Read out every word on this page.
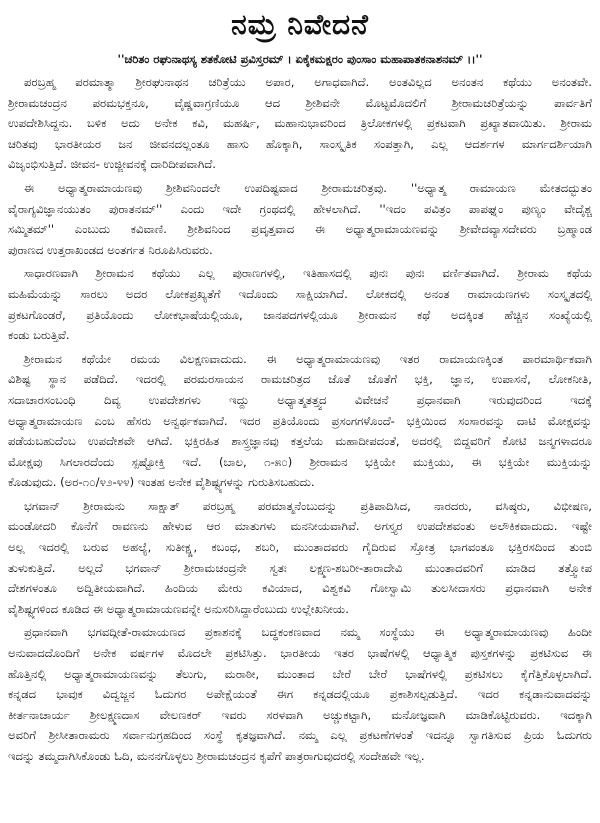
ನಮ್ರ ನಿವೇದನೆ
''ಚರಿತಂ ರಘುನಾಥಸ್ಯ ಶತಕೋಟಿ ಪ್ರವಿಸ್ತರಮ್ । ಏಕೈಕಮಕ್ಷರಂ ಪುಂಸಾಂ ಮಹಾಪಾತಕನಾಶನಮ್ ।।''
ಪರಬ್ರಹ್ಮ ಪರಮಾತ್ಮಾ ಶ್ರೀರಘುನಾಥನ ಚರಿತ್ರೆಯು ಅಪಾರ, ಅಗಾಧವಾಗಿದೆ. ಅಂತವಿಲ್ಲದ ಅನಂತನ ಕಥೆಯು ಅನಂತವೇ.
ಶ್ರೀರಾಮಚಂದ್ರನ ಪರಮಭಕ್ತನೂ, ವೈಷ್ಣವಾಗ್ರಣಿಯೂ ಆದ ಶ್ರೀಶಿವನೇ ಮೊಟ್ಟಮೊದಲಿಗೆ ಶ್ರೀರಾಮಚರಿತ್ರೆಯನ್ನು ಪಾರ್ವತಿಗೆ
ಉಪದೇಶಿಸಿದ್ದನು. ಬಳಿಕ ಅದು ಅನೇಕ ಕವಿ, ಮಹರ್ಷಿ, ಮಹಾನುಭಾವರಿಂದ ತ್ರಿಲೋಕಗಳಲ್ಲಿ ಪ್ರಕಟವಾಗಿ ಪ್ರಖ್ಯಾತವಾಯಿತು. ಶ್ರೀರಾಮ
ಚರಿತವು ಭಾರತೀಯರ ಜನ ಜೀವನದಲ್ಲಂತೂ ಹಾಸು ಹೊಕ್ಕಾಗಿ, ಸಾಂಸ್ಕೃತಿಕ ಸಂಪತ್ತಾಗಿ, ಎಲ್ಲ ಆದರ್ಶಗಳ ಮಾರ್ಗದರ್ಶಿಯಾಗಿ
ವಿಜೃಂಭಿಸುತ್ತಿದೆ. ಜೀವನ- ಉಜ್ಜೀವನಕ್ಕೆ ದಾರಿದೀಪವಾಗಿದೆ.
ಈ ಅಧ್ಯಾತ್ಮರಾಮಾಯಣವು ಶ್ರೀಶಿವನಿಂದಲೇ ಉಪದಿಷ್ಟವಾದ ಶ್ರೀರಾಮಚರಿತ್ರವು. ''ಅಧ್ಯಾತ್ಮ ರಾಮಾಯಣ ಮೇತದದ್ಭುತಂ
ವೈರಾಗ್ಯವಿಜ್ಞಾನಯುತಂ ಪುರಾತನಮ್'' ಎಂದು ಇದೇ ಗ್ರಂಥದಲ್ಲಿ ಹೇಳಲಾಗಿದೆ. ''ಇದಂ ಪವಿತ್ರಂ ಪಾಪಘ್ನಂ ಪುಣ್ಯಂ ವೇದೈಶ್ಚ
ಸಮ್ಮಿತಮ್'' ಎಂಬುದು ಕವಿವಾಣಿ. ಶ್ರೀಶಿವನಿಂದ ಪ್ರವೃತ್ತವಾದ ಈ ಅಧ್ಯಾತ್ಮರಾಮಾಯಣವನ್ನು ಶ್ರೀವೇದವ್ಯಾಸದೇವರು ಬ್ರಹ್ಮಾಂಡ
ಪುರಾಣದ ಉತ್ತರಾಖಂಡದ ಅಂತರ್ಗತ ನಿರೂಪಿಸಿರುವರು.
ಸಾಧಾರಣವಾಗಿ ಶ್ರೀರಾಮನ ಕಥೆಯು ಎಲ್ಲ ಪುರಾಣಗಳಲ್ಲಿ, ಇತಿಹಾಸದಲ್ಲಿ ಪುನಃ ಪುನಃ ವರ್ಣಿತವಾಗಿದೆ. ಶ್ರೀರಾಮ ಕಥೆಯ
ಮಹಿಮೆಯನ್ನು ಸಾರಲು ಅದರ ಲೋಕಪ್ರಖ್ಯತೆಗೆ ಇದೊಂದು ಸಾಕ್ಷಿಯಾಗಿದೆ. ಲೋಕದಲ್ಲಿ ಅನಂತ ರಾಮಾಯಣಗಳು ಸಂಸ್ಕೃತದಲ್ಲಿ
ಪ್ರಕಟಗೊಂಡರೆ, ಪ್ರತಿಯೊಂದು ಲೋಕಭಾಷೆಯಲ್ಲಿಯೂ, ಜಾನಪದಗಳಲ್ಲಿಯೂ ಶ್ರೀರಾಮನ ಕಥೆ ಅದಕ್ಕಿಂತ ಹೆಚ್ಚಿನ ಸಂಖ್ಯೆಯಲ್ಲಿ
ಕಂಡು ಬರುತ್ತಿವೆ.
ಶ್ರೀರಾಮನ ಕಥೆಯೇ ರಮಯ ವಿಲಕ್ಷಣವಾದುದು. ಈ ಅಧ್ಯಾತ್ಮರಾಮಾಯಣವು ಇತರ ರಾಮಾಯಣಕ್ಕಿಂತ ಪಾರಮಾರ್ಥಿಕವಾಗಿ
ವಿಶಿಷ್ಟ ಸ್ಥಾನ ಪಡೆದಿದೆ. ಇದರಲ್ಲಿ ಪರಮರಸಾಯನ ರಾಮಚರಿತ್ರದ ಜೊತೆ ಜೊತೆಗೆ ಭಕ್ತಿ, ಜ್ಞಾನ, ಉಪಾಸನೆ, ಲೋಕನೀತಿ,
ಸದಾಚಾರಸಂಬಂಧಿ ದಿವ್ಯ ಉಪದೇಶಗಳು ಇದ್ದು ಅಧ್ಯಾತ್ಮತತ್ತ್ವದ ವಿವೇಚನೆ ಪ್ರಧಾನವಾಗಿ ಇರುವುದರಿಂದ ಇದಕ್ಕೆ
ಅಧ್ಯಾತ್ಮರಾಮಾಯಣ ಎಂಬ ಹೆಸರು ಅನ್ವರ್ಥಕವಾಗಿದೆ. ಇದರ ಪ್ರತಿಯೊಂದು ಪ್ರಸಂಗಗಳೊಂದೆ- ಭಕ್ತಿಯಿಂದ ಸಂಸಾರವನ್ನು ದಾಟಿ ಮೋಕ್ಷವನ್ನು
ಪಡೆಯಬಹುದೆಂಬ ಉಪದೇಶವೇ ಆಗಿದೆ. ಭಕ್ತಿರಹಿತ ಶಾಸ್ತ್ರಜ್ಞಾನವು ಕತ್ತಲೆಯ ಮಹಾದೀಪದಂತೆ, ಅದರಲ್ಲಿ ಬಿದ್ದವರಿಗೆ ಕೋಟಿ ಜನ್ಮಗಳಾದರೂ
ಮೋಕ್ಷವು ಸಿಗಲಾರದೆಂದು ಸ್ಪಷ್ಟೋಕ್ತಿ ಇದೆ. (ಬಾಲ, ೧-೫೦) ಶ್ರೀರಾಮನ ಭಕ್ತಿಯೇ ಮುಕ್ತಿಯು, ಈ ಭಕ್ತಿಯೇ ಮುಕ್ತಿಯನ್ನು
ಕೊಡುವುದು. (ಅರ-೧೦/೪೨-೪೪) ಇಂತಹ ಅನೇಕ ವೈಶಿಷ್ಟ್ಯಗಳನ್ನು ಗುರುತಿಸಬಹುದು.
ಭಗವಾನ್ ಶ್ರೀರಾಮನು ಸಾಕ್ಷಾತ್ ಪರಬ್ರಹ್ಮ ಪರಮಾತ್ಮನೆಂಬುದನ್ನು ಪ್ರತಿಪಾದಿಸಿದ, ನಾರದರು, ವಸಿಷ್ಠರು, ವಿಭೀಷಣ,
ಮಂಡೋದರಿ ಕೊನೆಗೆ ರಾವಣನು ಹೇಳುವ ಆರ ಮಾತುಗಳು ಮನನೀಯವಾಗಿವೆ. ಅಗಸ್ತ್ಯರ ಉಪದೇಶವಂತು ಅಲೌಕಿಕವಾದುದು. ಇಷ್ಟೇ
ಅಲ್ಲ ಇದರಲ್ಲಿ ಬರುವ ಅಹಲ್ಯೆ, ಸುತೀಕ್ಷ್ಣ, ಕಬಂಧ, ಶಬರಿ, ಮುಂತಾದವರು ಗೈದಿರುವ ಸ್ತೋತ್ರ ಭಾಗವಂತೂ ಭಕ್ತಿರಸದಿಂದ ತುಂಬಿ
ತುಳುಕುತ್ತಿದೆ. ಅಲ್ಲದೆ ಭಗವಾನ್ ಶ್ರೀರಾಮಚಂದ್ರನೇ ಸ್ವತಃ ಲಕ್ಷ್ಮಣ-ಶಬರೀ-ತಾರಾದೇವಿ ಮುಂತಾದವರಿಗೆ ಮಾಡಿದ ತತ್ತ್ವೋಪ
ದೇಶಗಳಂತೂ ಅದ್ವಿತೀಯವಾಗಿದೆ. ಹಿಂದಿಯ ಮೇರು ಕವಿಯಾದ, ವಿಶ್ವಕವಿ ಗೋಸ್ವಾಮಿ ತುಲಸೀದಾಸರು ಪ್ರಧಾನವಾಗಿ ಅನೇಕ
ವೈಶಿಷ್ಟ್ಯಗಳಿಂದ ಕೂಡಿದ ಈ ಅಧ್ಯಾತ್ಮರಾಮಾಯಣವನ್ನೇ ಅನುಸರಿಸಿದ್ದಾರೆಂಬುದು ಉಲ್ಲೇಖನೀಯ.
ಪ್ರಧಾನವಾಗಿ ಭಗವದ್ಗೀತೆ-ರಾಮಾಯಣದ ಪ್ರಕಾಶನಕ್ಕೆ ಬದ್ಧಕಂಕಣವಾದ ನಮ್ಮ ಸಂಸ್ಥೆಯು ಈ ಅಧ್ಯಾತ್ಮರಾಮಾಯಣವು ಹಿಂದೀ
ಅನುವಾದದೊಂದಿಗೆ ಅನೇಕ ವರ್ಷಗಳ ಮೊದಲೇ ಪ್ರಕಟಿಸಿತ್ತು. ಭಾರತೀಯ ಇತರ ಭಾಷೆಗಳಲ್ಲಿ ಆಧ್ಯಾತ್ಮಿಕ ಪುಸ್ತಕಗಳನ್ನು ಪ್ರಕಟಿಸುವ ಈ
ಹೊತ್ತಿನಲ್ಲಿ ಅಧ್ಯಾತ್ಮರಾಮಾಯಣವನ್ನು ತೆಲುಗು, ಮರಾಠೀ, ಮುಂತಾದ ಬೇರೆ ಬೇರೆ ಭಾಷೆಗಳಲ್ಲಿ ಪ್ರಕಟಿಸಲು ಕೈಗೆತ್ತಿಕೊಳ್ಳಲಾಗಿದೆ.
ಕನ್ನಡದ ಭಾವುಕ ವಿದ್ವಜ್ಜನ ಓದುಗರ ಅಪೇಕ್ಷೆಯಂತೆ ಈಗ ಕನ್ನಡದಲ್ಲಿಯೂ ಪ್ರಕಾಶಿಸಲ್ಪಡುತ್ತಿದೆ. ಇದರ ಕನ್ನಡಾನುವಾದವನ್ನು
ಕೀರ್ತನಾಚಾರ್ಯ ಶ್ರೀಲಕ್ಷ್ಮಣದಾಸ ವೇಲಣಕರ್ ಇವರು ಸರಳವಾಗಿ ಅಚ್ಚುಕಟ್ಟಾಗಿ, ಮನೋಜ್ಞವಾಗಿ ಮಾಡಿಕೊಟ್ಟಿರುವರು. ಇದಕ್ಕಾಗಿ
ಅವರಿಗೆ ಶ್ರೀಸೀತಾರಾಮರು ಸರ್ವಾನುಗ್ರಹದಿಂದ ಸಂಸ್ಥೆ ಕೃತಜ್ಞವಾಗಿದೆ. ನಮ್ಮ ಎಲ್ಲ ಪ್ರಕಟಣೆಗಳಂತೆ ಇದನ್ನೂ ಸ್ವಾಗತಿಸುವ ಪ್ರಿಯ ಓದುಗರು
ಇದನ್ನು ತಮ್ಮದಾಗಿಸಿಕೊಂಡು ಓದಿ, ಮನನಗೊಳ್ಳಲು ಶ್ರೀರಾಮಚಂದ್ರನ ಕೃಪೆಗೆ ಪಾತ್ರರಾಗುವುದರಲ್ಲಿ ಸಂದೇಹವೇ ಇಲ್ಲ.
